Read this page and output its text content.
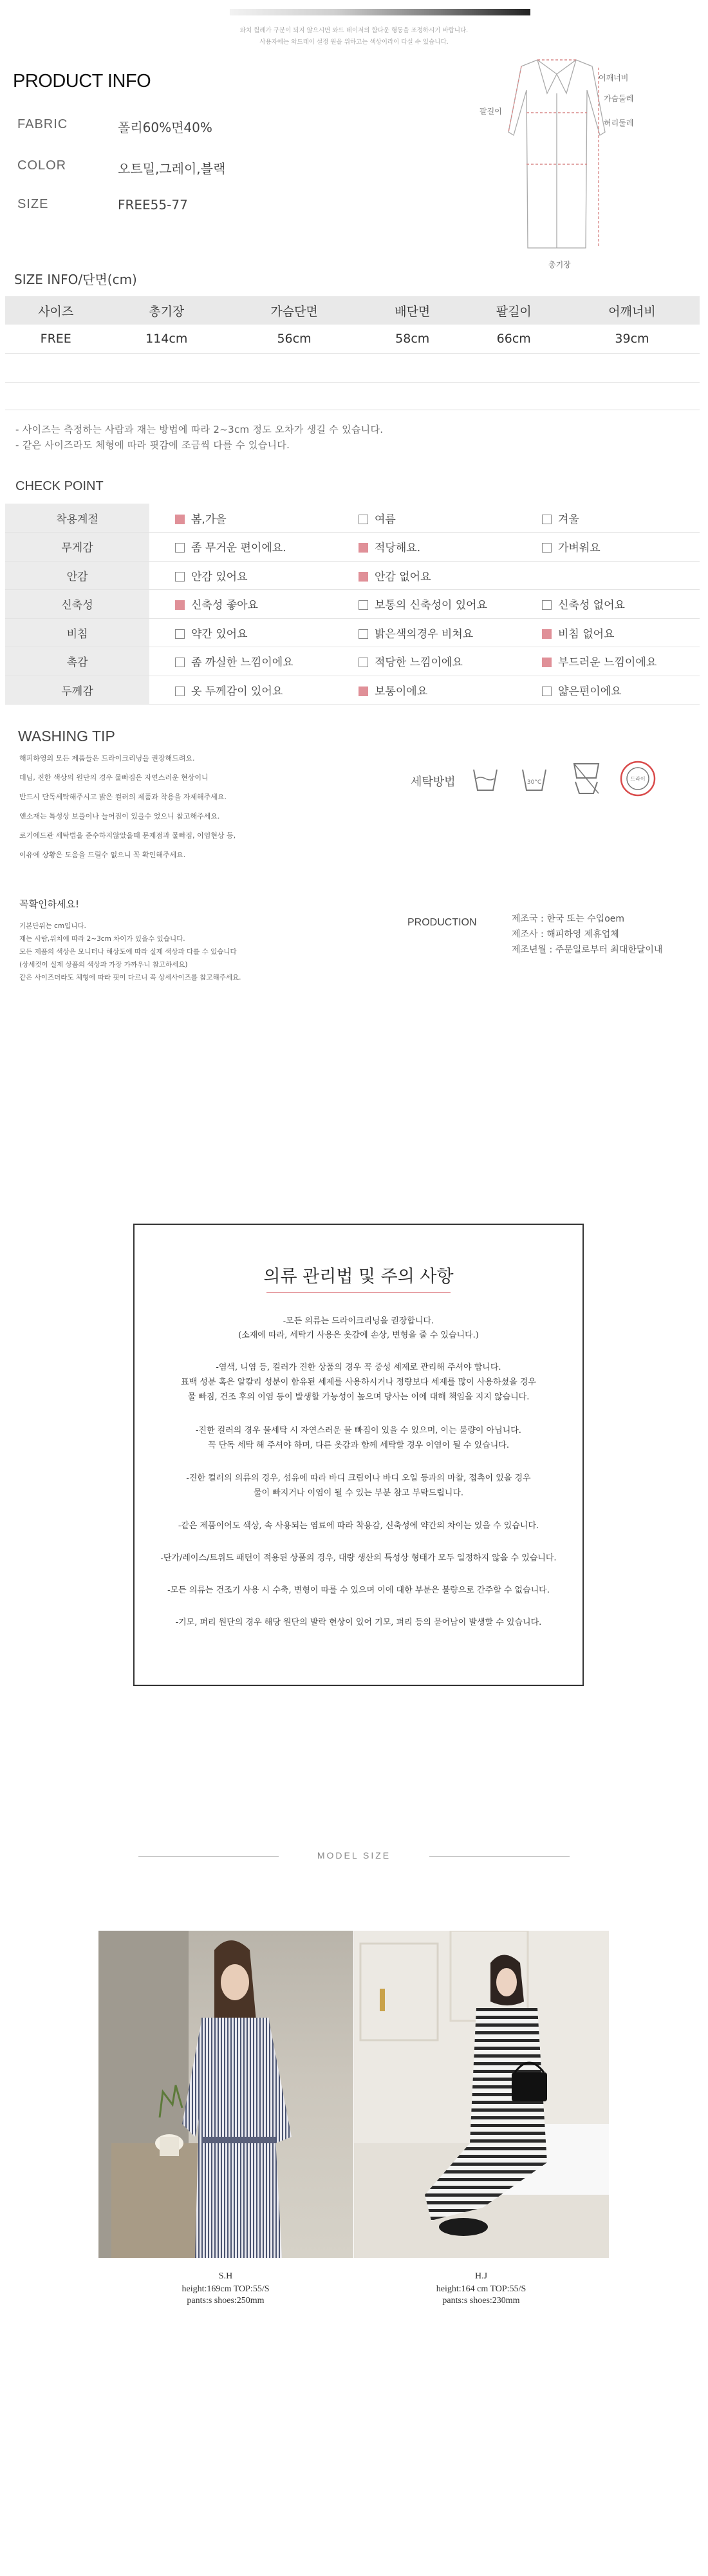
와치 월레가 구분이 되지 않으시면 와드 데이저의 합다운 행동을 조정하시기 바랍니다.
사용자에는 와드데이 설정 원을 위하고는 색상이라이 다실 수 있습니다.
PRODUCT INFO
FABRIC	폴리60%면40%
COLOR	오트밀,그레이,블랙
SIZE	FREE55-77
어깨너비
가슴둘레
팔길이
허리둘레
총기장
SIZE INFO/단면(cm)
사이즈	총기장	가슴단면	배단면	팔길이	어깨너비
FREE	114cm	56cm	58cm	66cm	39cm
- 사이즈는 측정하는 사람과 재는 방법에 따라 2~3cm 정도 오차가 생길 수 있습니다.
- 같은 사이즈라도 체형에 따라 핏감에 조금씩 다를 수 있습니다.
CHECK POINT
착용계절	봄,가을	여름	겨울
무게감	좀 무거운 편이에요.	적당해요.	가벼워요
안감	안감 있어요	안감 없어요	
신축성	신축성 좋아요	보통의 신축성이 있어요	신축성 없어요
비침	약간 있어요	밝은색의경우 비쳐요	비침 없어요
촉감	좀 까실한 느낌이에요	적당한 느낌이에요	부드러운 느낌이에요
두께감	옷 두께감이 있어요	보통이에요	얇은편이에요
WASHING TIP
해피하영의 모든 제품들은 드라이크리닝을 권장해드려요.
데님, 진한 색상의 원단의 경우 물빠짐은 자연스러운 현상이니
반드시 단독세탁해주시고 밝은 컬러의 제품과 착용을 자제해주세요.
앤소재는 특성상 보풀이나 늘어짐이 있을수 었으니 참고해주세요.
로기에드관 세탁법을 준수하지않았을때 문제점과 물빠짐, 이염현상 등,
이유에 상황은 도움을 드릴수 없으니 꼭 확인해주세요.
세탁방법	30°C
드라이
꼭확인하세요!
기본단위는 cm입니다.
재는 사람,위치에 따라 2~3cm 차이가 있을수 있습니다.
모든 제품의 색상은 모니터나 해상도에 따라 실제 색상과 다를 수 있습니다
(상세컷이 실제 상품의 색상과 가장 가까우니 참고하세요)
같은 사이즈더라도 체형에 따라 핏이 다르니 꼭 상세사이즈를 참고해주세요.
PRODUCTION	제조국 : 한국 또는 수입oem
제조사 : 해피하영 제휴업체
제조년월 : 주문일로부터 최대한달이내
의류 관리법 및 주의 사항
-모든 의류는 드라이크리닝을 권장합니다.
(소재에 따라, 세탁기 사용은 옷감에 손상, 변형을 줄 수 있습니다.)
-염색, 니염 등, 컬러가 진한 상품의 경우 꼭 중성 세제로 관리해 주셔야 합니다.
표백 성분 혹은 알칼리 성분이 함유된 세제를 사용하시거나 정량보다 세제를 많이 사용하셨을 경우
물 빠짐, 건조 후의 이염 등이 발생할 가능성이 높으며 당사는 이에 대해 책임을 지지 않습니다.
-진한 컬러의 경우 물세탁 시 자연스러운 물 빠짐이 있을 수 있으며, 이는 불량이 아닙니다.
꼭 단독 세탁 해 주셔야 하며, 다른 옷감과 함께 세탁할 경우 이염이 될 수 있습니다.
-진한 컬러의 의류의 경우, 섬유에 따라 바디 크림이나 바디 오일 등과의 마찰, 접촉이 있을 경우
물이 빠지거나 이염이 될 수 있는 부분 참고 부탁드립니다.
-같은 제품이어도 색상, 속 사용되는 염료에 따라 착용감, 신축성에 약간의 차이는 있을 수 있습니다.
-단가/레이스/트위드 패턴이 적용된 상품의 경우, 대량 생산의 특성상 형태가 모두 일정하지 않을 수 있습니다.
-모든 의류는 건조기 사용 시 수축, 변형이 따를 수 있으며 이에 대한 부분은 불량으로 간주할 수 없습니다.
-기모, 퍼리 원단의 경우 해당 원단의 발락 현상이 있어 기모, 퍼리 등의 묻어남이 발생할 수 있습니다.
MODEL SIZE
S.H
height:169cm TOP:55/S
pants:s shoes:250mm
H.J
height:164 cm TOP:55/S
pants:s shoes:230mm
